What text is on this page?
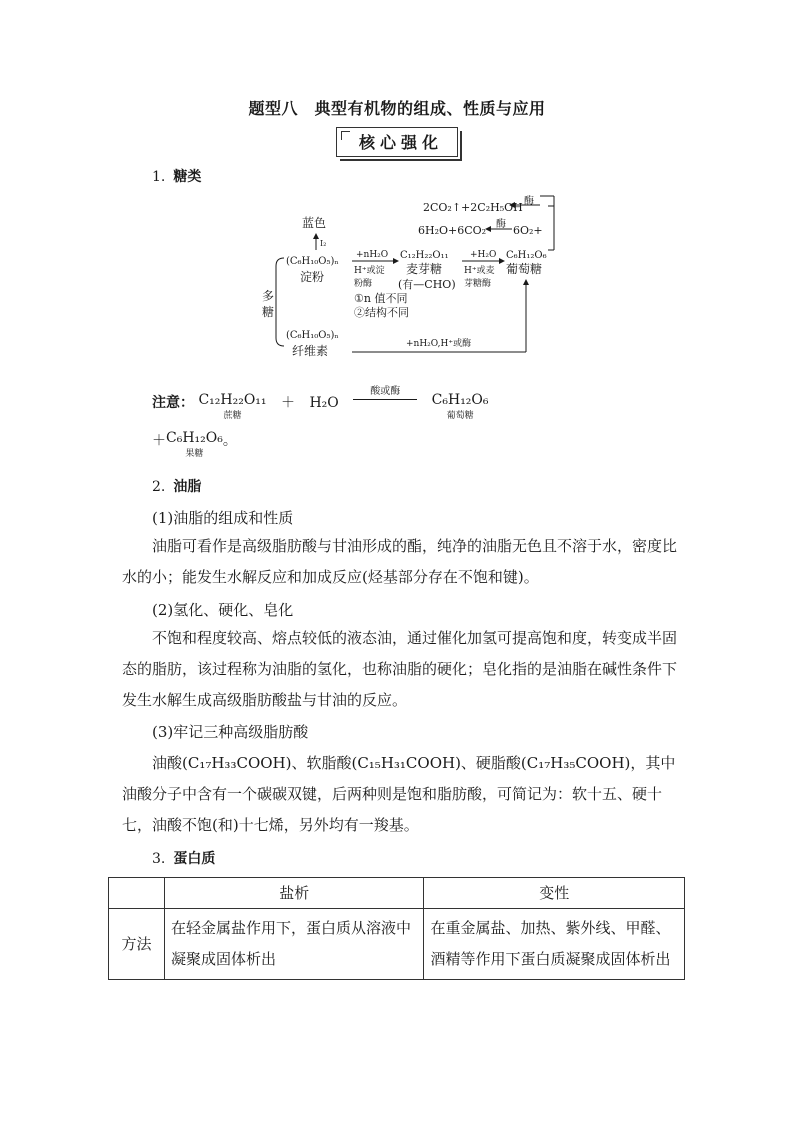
题型八　典型有机物的组成、性质与应用
核心强化
1. 糖类
2CO₂↑+2C₂H₅OH 酶
6H₂O+6CO₂ 酶 6O₂+
蓝色
I₂
(C₆H₁₀O₅)ₙ
淀粉
多
糖
+nH₂O
H⁺或淀
粉酶
C₁₂H₂₂O₁₁
麦芽糖
(有—CHO)
+H₂O
H⁺或麦
芽糖酶
C₆H₁₂O₆
葡萄糖
①n 值不同
②结构不同
(C₆H₁₀O₅)ₙ
纤维素	+nH₂O,H⁺或酶
注意： C₁₂H₂₂O₁₁
蔗糖
＋ H₂O 酸或酶
C₆H₁₂O₆
葡萄糖
＋C₆H₁₂O₆
果糖
。
2. 油脂
(1)油脂的组成和性质
油脂可看作是高级脂肪酸与甘油形成的酯，纯净的油脂无色且不溶于水，密度比水的小；能发生水解反应和加成反应(烃基部分存在不饱和键)。
(2)氢化、硬化、皂化
不饱和程度较高、熔点较低的液态油，通过催化加氢可提高饱和度，转变成半固态的脂肪，该过程称为油脂的氢化，也称油脂的硬化；皂化指的是油脂在碱性条件下发生水解生成高级脂肪酸盐与甘油的反应。
(3)牢记三种高级脂肪酸
油酸(C₁₇H₃₃COOH)、软脂酸(C₁₅H₃₁COOH)、硬脂酸(C₁₇H₃₅COOH)，其中油酸分子中含有一个碳碳双键，后两种则是饱和脂肪酸，可简记为：软十五、硬十七，油酸不饱(和)十七烯，另外均有一羧基。
3. 蛋白质
	盐析	变性
方法	在轻金属盐作用下，蛋白质从溶液中凝聚成固体析出	在重金属盐、加热、紫外线、甲醛、酒精等作用下蛋白质凝聚成固体析出
